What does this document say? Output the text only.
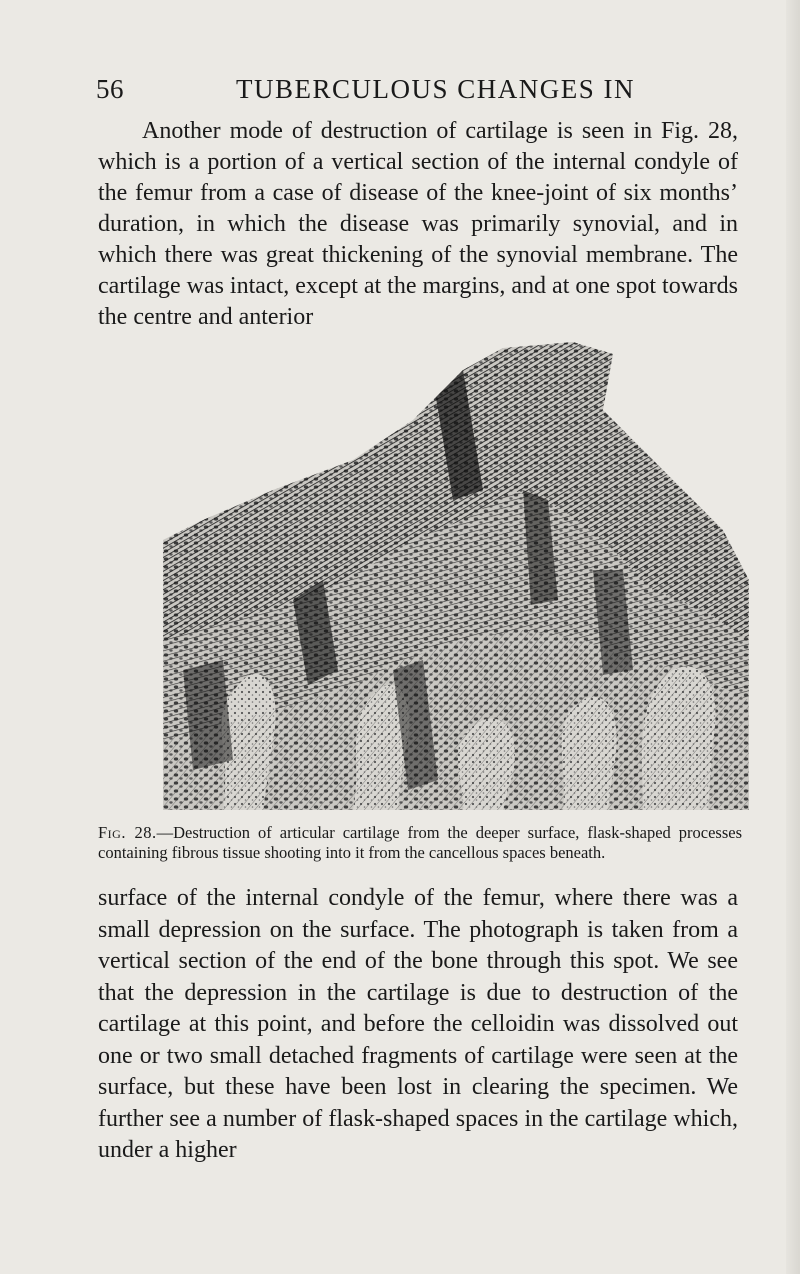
56	TUBERCULOUS CHANGES IN

Another mode of destruction of cartilage is seen in Fig. 28, which is a portion of a vertical section of the internal condyle of the femur from a case of disease of the knee-joint of six months’ duration, in which the disease was primarily synovial, and in which there was great thickening of the synovial membrane. The cartilage was intact, except at the margins, and at one spot towards the centre and anterior

Fig. 28.—Destruction of articular cartilage from the deeper surface, flask-shaped processes containing fibrous tissue shooting into it from the cancellous spaces beneath.

surface of the internal condyle of the femur, where there was a small depression on the surface. The photograph is taken from a vertical section of the end of the bone through this spot. We see that the depression in the cartilage is due to destruction of the cartilage at this point, and before the celloidin was dissolved out one or two small detached fragments of cartilage were seen at the surface, but these have been lost in clearing the specimen. We further see a number of flask-shaped spaces in the cartilage which, under a higher
